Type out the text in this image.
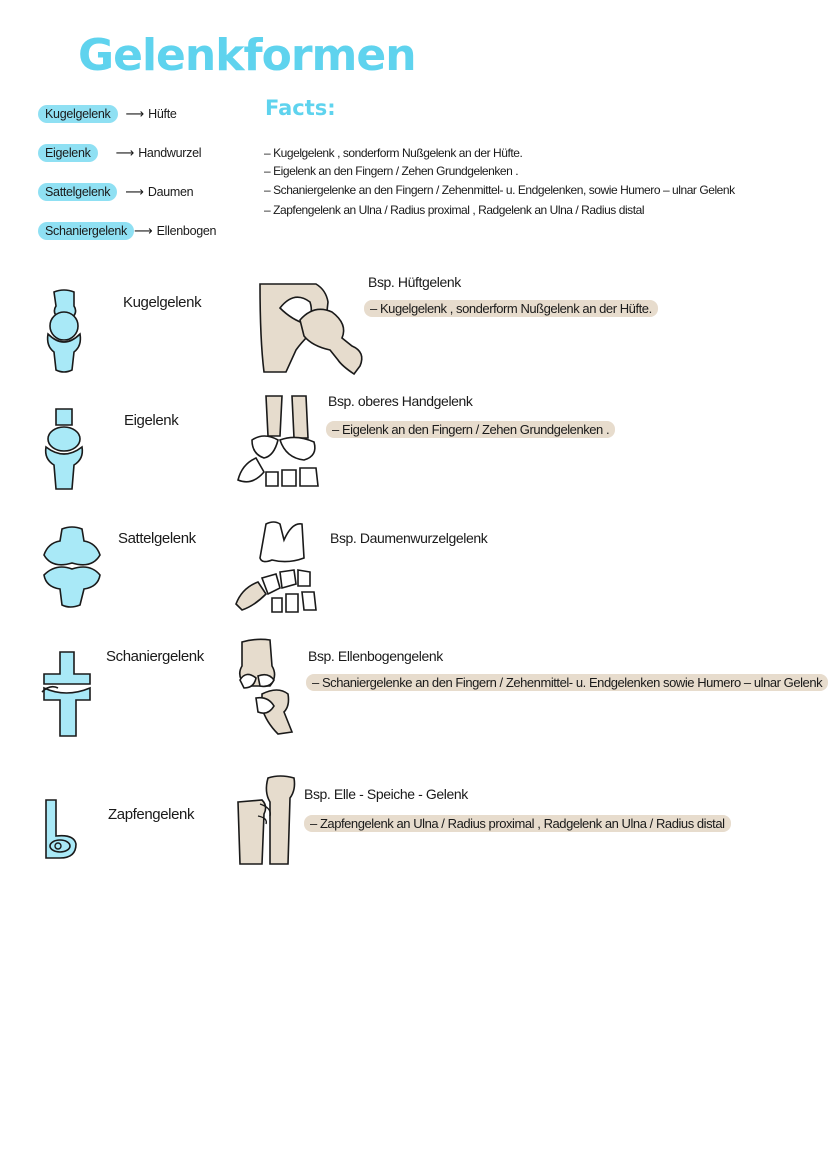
Gelenkformen
Kugelgelenk	⟶ Hüfte
Eigelenk	⟶ Handwurzel
Sattelgelenk	⟶ Daumen
Schaniergelenk ⟶ Ellenbogen
Facts:
– Kugelgelenk , sonderform Nußgelenk an der Hüfte.
– Eigelenk an den Fingern / Zehen Grundgelenken .
– Schaniergelenke an den Fingern / Zehenmittel- u. Endgelenken, sowie Humero – ulnar Gelenk
– Zapfengelenk an Ulna / Radius proximal , Radgelenk an Ulna / Radius distal
Kugelgelenk
Bsp. Hüftgelenk
– Kugelgelenk , sonderform Nußgelenk an der Hüfte.
Eigelenk
Bsp. oberes Handgelenk
– Eigelenk an den Fingern / Zehen Grundgelenken .
Sattelgelenk	Bsp. Daumenwurzelgelenk
Schaniergelenk	Bsp. Ellenbogengelenk
– Schaniergelenke an den Fingern / Zehenmittel- u. Endgelenken sowie Humero – ulnar Gelenk
Zapfengelenk
Bsp. Elle - Speiche - Gelenk
– Zapfengelenk an Ulna / Radius proximal , Radgelenk an Ulna / Radius distal
